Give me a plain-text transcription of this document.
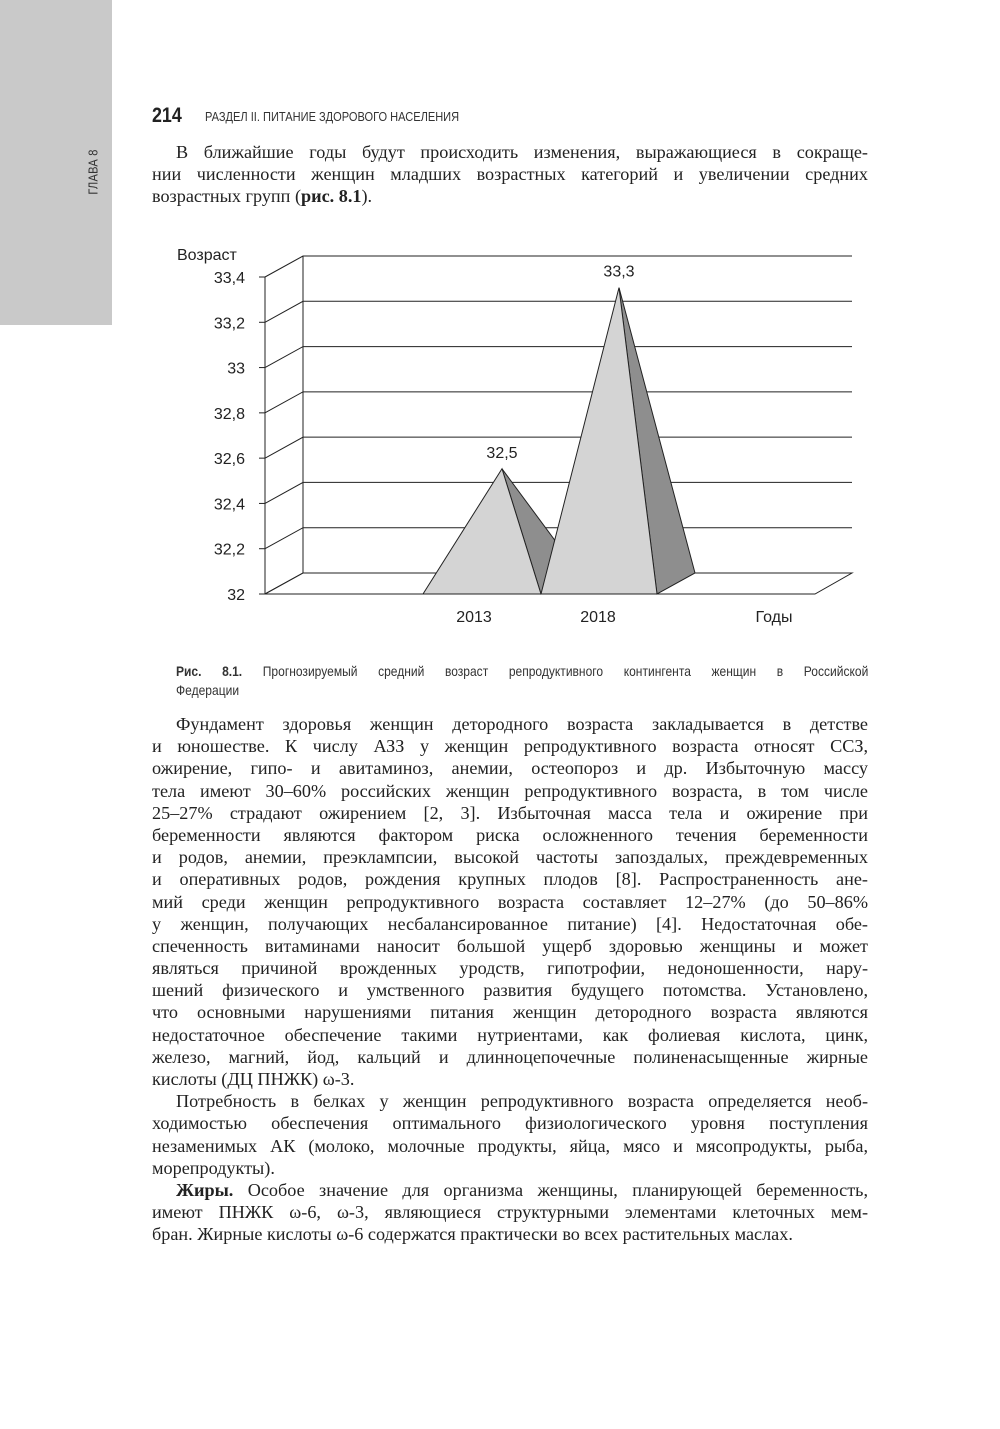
ГЛАВА 8
214 РАЗДЕЛ II. ПИТАНИЕ ЗДОРОВОГО НАСЕЛЕНИЯ
В ближайшие годы будут происходить изменения, выражающиеся в сокраще-
нии численности женщин младших возрастных категорий и увеличении средних
возрастных групп (рис. 8.1).
32
32,2
32,4
32,6
32,8
33
33,2
33,4
32,5
2013
33,3
2018
Возраст
Годы
Рис. 8.1. Прогнозируемый средний возраст репродуктивного контингента женщин в Российской
Федерации
Фундамент здоровья женщин детородного возраста закладывается в детстве
и юношестве. К числу АЗЗ у женщин репродуктивного возраста относят ССЗ,
ожирение, гипо- и авитаминоз, анемии, остеопороз и др. Избыточную массу
тела имеют 30–60% российских женщин репродуктивного возраста, в том числе
25–27% страдают ожирением [2, 3]. Избыточная масса тела и ожирение при
беременности являются фактором риска осложненного течения беременности
и родов, анемии, преэклампсии, высокой частоты запоздалых, преждевременных
и оперативных родов, рождения крупных плодов [8]. Распространенность ане-
мий среди женщин репродуктивного возраста составляет 12–27% (до 50–86%
у женщин, получающих несбалансированное питание) [4]. Недостаточная обе-
спеченность витаминами наносит большой ущерб здоровью женщины и может
являться причиной врожденных уродств, гипотрофии, недоношенности, нару-
шений физического и умственного развития будущего потомства. Установлено,
что основными нарушениями питания женщин детородного возраста являются
недостаточное обеспечение такими нутриентами, как фолиевая кислота, цинк,
железо, магний, йод, кальций и длинноцепочечные полиненасыщенные жирные
кислоты (ДЦ ПНЖК) ω-3.
Потребность в белках у женщин репродуктивного возраста определяется необ-
ходимостью обеспечения оптимального физиологического уровня поступления
незаменимых АК (молоко, молочные продукты, яйца, мясо и мясопродукты, рыба,
морепродукты).
Жиры. Особое значение для организма женщины, планирующей беременность,
имеют ПНЖК ω-6, ω-3, являющиеся структурными элементами клеточных мем-
бран. Жирные кислоты ω-6 содержатся практически во всех растительных маслах.
